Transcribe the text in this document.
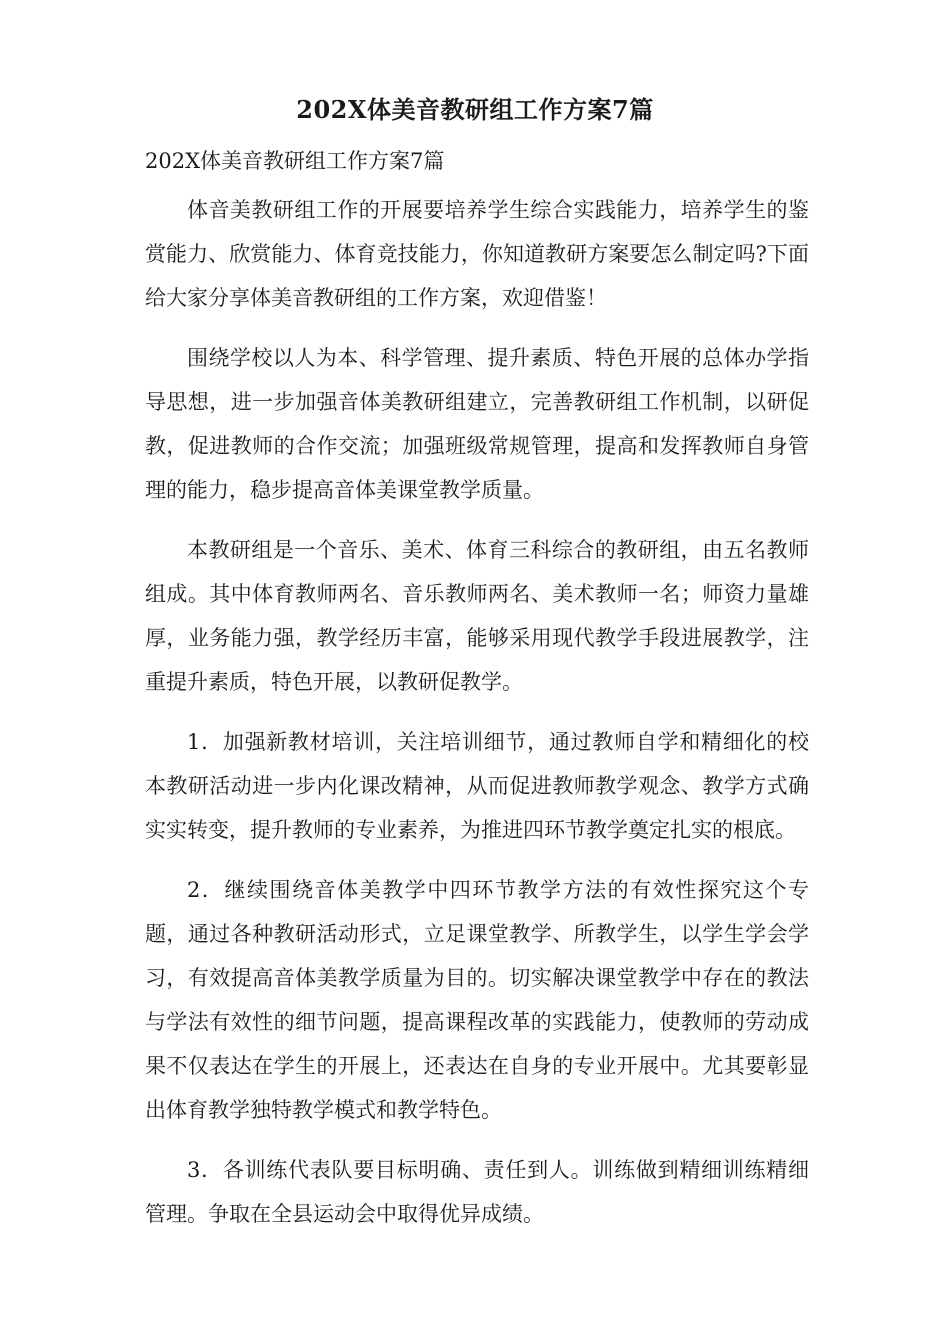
202X体美音教研组工作方案7篇

202X体美音教研组工作方案7篇

体音美教研组工作的开展要培养学生综合实践能力，培养学生的鉴赏能力、欣赏能力、体育竞技能力，你知道教研方案要怎么制定吗?下面给大家分享体美音教研组的工作方案，欢迎借鉴！

围绕学校以人为本、科学管理、提升素质、特色开展的总体办学指导思想，进一步加强音体美教研组建立，完善教研组工作机制，以研促教，促进教师的合作交流；加强班级常规管理，提高和发挥教师自身管理的能力，稳步提高音体美课堂教学质量。

本教研组是一个音乐、美术、体育三科综合的教研组，由五名教师组成。其中体育教师两名、音乐教师两名、美术教师一名；师资力量雄厚，业务能力强，教学经历丰富，能够采用现代教学手段进展教学，注重提升素质，特色开展，以教研促教学。

1．加强新教材培训，关注培训细节，通过教师自学和精细化的校本教研活动进一步内化课改精神，从而促进教师教学观念、教学方式确实实转变，提升教师的专业素养，为推进四环节教学奠定扎实的根底。

2．继续围绕音体美教学中四环节教学方法的有效性探究这个专题，通过各种教研活动形式，立足课堂教学、所教学生，以学生学会学习，有效提高音体美教学质量为目的。切实解决课堂教学中存在的教法与学法有效性的细节问题，提高课程改革的实践能力，使教师的劳动成果不仅表达在学生的开展上，还表达在自身的专业开展中。尤其要彰显出体育教学独特教学模式和教学特色。

3．各训练代表队要目标明确、责任到人。训练做到精细训练精细管理。争取在全县运动会中取得优异成绩。
